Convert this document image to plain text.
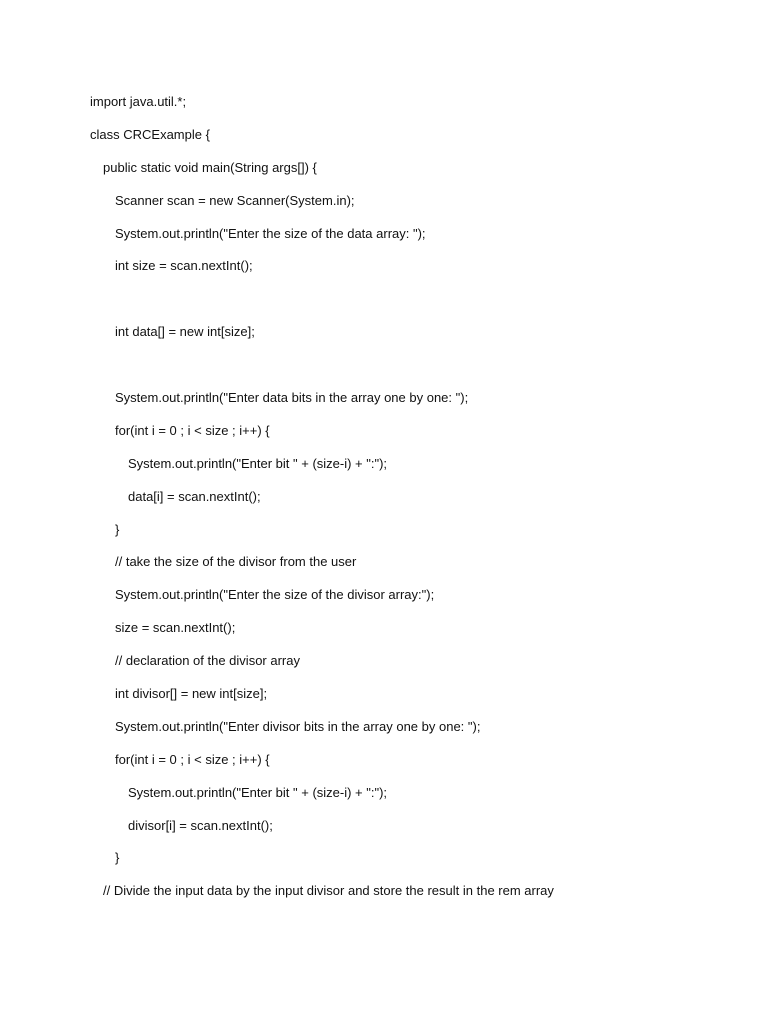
import java.util.*;
class CRCExample {
public static void main(String args[]) {
Scanner scan = new Scanner(System.in);
System.out.println("Enter the size of the data array: ");
int size = scan.nextInt();
int data[] = new int[size];
System.out.println("Enter data bits in the array one by one: ");
for(int i = 0 ; i < size ; i++) {
System.out.println("Enter bit " + (size-i) + ":");
data[i] = scan.nextInt();
}
// take the size of the divisor from the user
System.out.println("Enter the size of the divisor array:");
size = scan.nextInt();
// declaration of the divisor array
int divisor[] = new int[size];
System.out.println("Enter divisor bits in the array one by one: ");
for(int i = 0 ; i < size ; i++) {
System.out.println("Enter bit " + (size-i) + ":");
divisor[i] = scan.nextInt();
}
// Divide the input data by the input divisor and store the result in the rem array
